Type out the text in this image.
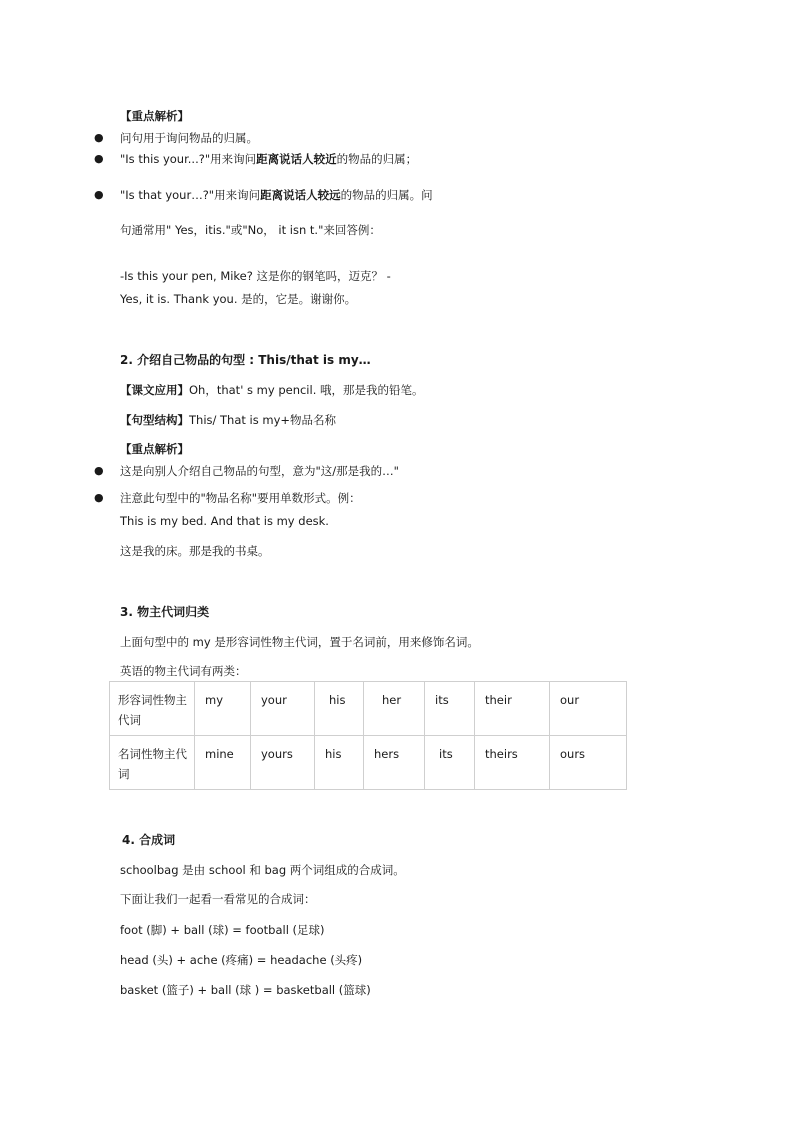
【重点解析】
● 问句用于询问物品的归属。
● "Is this your...?"用来询问距离说话人较近的物品的归属；
● "Is that your…?"用来询问距离说话人较远的物品的归属。问
句通常用" Yes，itis."或"No， it isn t."来回答例：
-Is this your pen, Mike? 这是你的钢笔吗，迈克？ -
Yes, it is. Thank you. 是的，它是。谢谢你。
2. 介绍自己物品的句型 : This/that is my…
【课文应用】Oh，that' s my pencil. 哦，那是我的铅笔。
【句型结构】This/ That is my+物品名称
【重点解析】
● 这是向别人介绍自己物品的句型，意为"这/那是我的…"
● 注意此句型中的"物品名称"要用单数形式。例：
This is my bed. And that is my desk.
这是我的床。那是我的书桌。
3. 物主代词归类
上面句型中的 my 是形容词性物主代词，置于名词前，用来修饰名词。
英语的物主代词有两类：
形容词性物主代词	my	your	his	her	its	their	our
名词性物主代词	mine	yours	his	hers	its	theirs	ours
4. 合成词
schoolbag 是由 school 和 bag 两个词组成的合成词。
下面让我们一起看一看常见的合成词：
foot (脚) + ball (球) = football (足球)
head (头) + ache (疼痛) = headache (头疼)
basket (篮子) + ball (球 ) = basketball (篮球)
